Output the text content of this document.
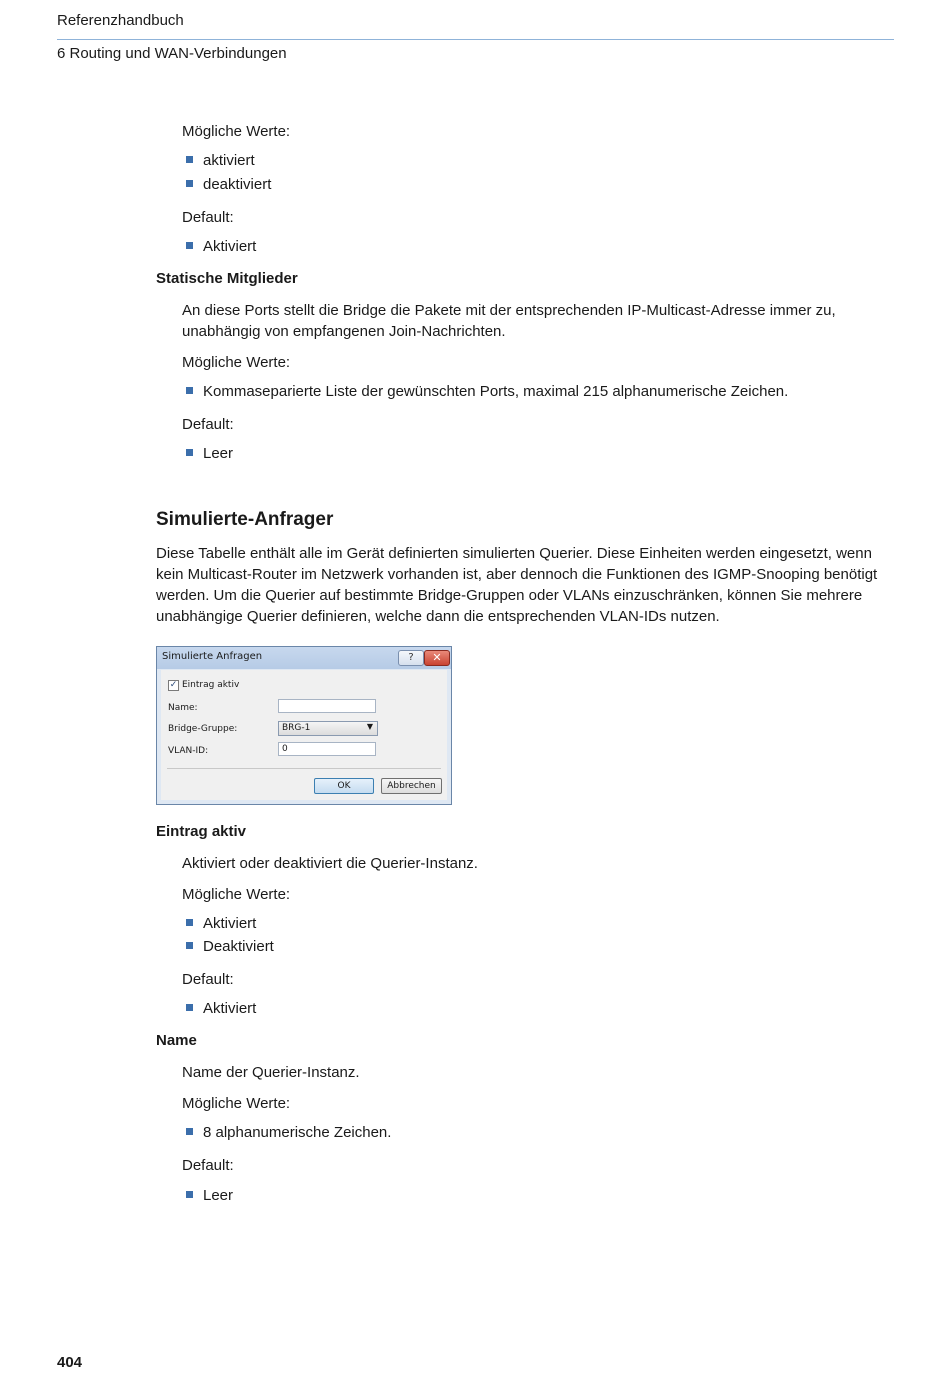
Referenzhandbuch
6 Routing und WAN-Verbindungen
Mögliche Werte:
aktiviert
deaktiviert
Default:
Aktiviert
Statische Mitglieder
An diese Ports stellt die Bridge die Pakete mit der entsprechenden IP-Multicast-Adresse immer zu, unabhängig von empfangenen Join-Nachrichten.
Mögliche Werte:
Kommaseparierte Liste der gewünschten Ports, maximal 215 alphanumerische Zeichen.
Default:
Leer
Simulierte-Anfrager
Diese Tabelle enthält alle im Gerät definierten simulierten Querier. Diese Einheiten werden eingesetzt, wenn kein Multicast-Router im Netzwerk vorhanden ist, aber dennoch die Funktionen des IGMP-Snooping benötigt werden. Um die Querier auf bestimmte Bridge-Gruppen oder VLANs einzuschränken, können Sie mehrere unabhängige Querier definieren, welche dann die entsprechenden VLAN-IDs nutzen.
Simulierte Anfragen	?	✕
✓ Eintrag aktiv
Name:
Bridge-Gruppe:	BRG-1	▼
VLAN-ID:	0
OK	Abbrechen
Eintrag aktiv
Aktiviert oder deaktiviert die Querier-Instanz.
Mögliche Werte:
Aktiviert
Deaktiviert
Default:
Aktiviert
Name
Name der Querier-Instanz.
Mögliche Werte:
8 alphanumerische Zeichen.
Default:
Leer
404
